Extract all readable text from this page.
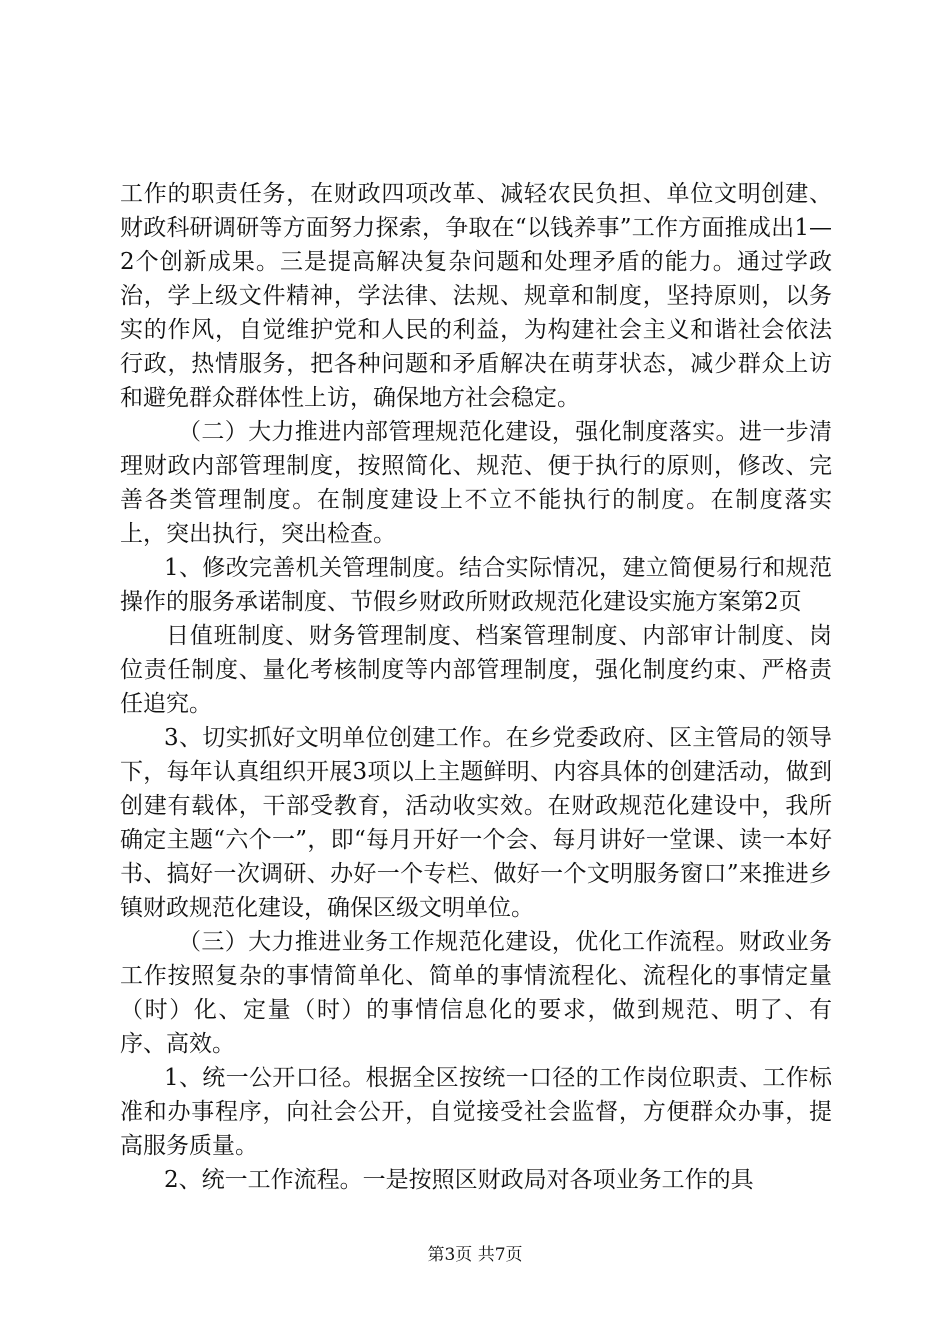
工作的职责任务，在财政四项改革、减轻农民负担、单位文明创建、财政科研调研等方面努力探索，争取在“以钱养事”工作方面推成出1—2个创新成果。三是提高解决复杂问题和处理矛盾的能力。通过学政治，学上级文件精神，学法律、法规、规章和制度，坚持原则，以务实的作风，自觉维护党和人民的利益，为构建社会主义和谐社会依法行政，热情服务，把各种问题和矛盾解决在萌芽状态，减少群众上访和避免群众群体性上访，确保地方社会稳定。

（二）大力推进内部管理规范化建设，强化制度落实。进一步清理财政内部管理制度，按照简化、规范、便于执行的原则，修改、完善各类管理制度。在制度建设上不立不能执行的制度。在制度落实上，突出执行，突出检查。

1、修改完善机关管理制度。结合实际情况，建立简便易行和规范操作的服务承诺制度、节假乡财政所财政规范化建设实施方案第2页

日值班制度、财务管理制度、档案管理制度、内部审计制度、岗位责任制度、量化考核制度等内部管理制度，强化制度约束、严格责任追究。

3、切实抓好文明单位创建工作。在乡党委政府、区主管局的领导下，每年认真组织开展3项以上主题鲜明、内容具体的创建活动，做到创建有载体，干部受教育，活动收实效。在财政规范化建设中，我所确定主题“六个一”，即“每月开好一个会、每月讲好一堂课、读一本好书、搞好一次调研、办好一个专栏、做好一个文明服务窗口”来推进乡镇财政规范化建设，确保区级文明单位。

（三）大力推进业务工作规范化建设，优化工作流程。财政业务工作按照复杂的事情简单化、简单的事情流程化、流程化的事情定量（时）化、定量（时）的事情信息化的要求，做到规范、明了、有序、高效。

1、统一公开口径。根据全区按统一口径的工作岗位职责、工作标准和办事程序，向社会公开，自觉接受社会监督，方便群众办事，提高服务质量。

2、统一工作流程。一是按照区财政局对各项业务工作的具

第3页 共7页
